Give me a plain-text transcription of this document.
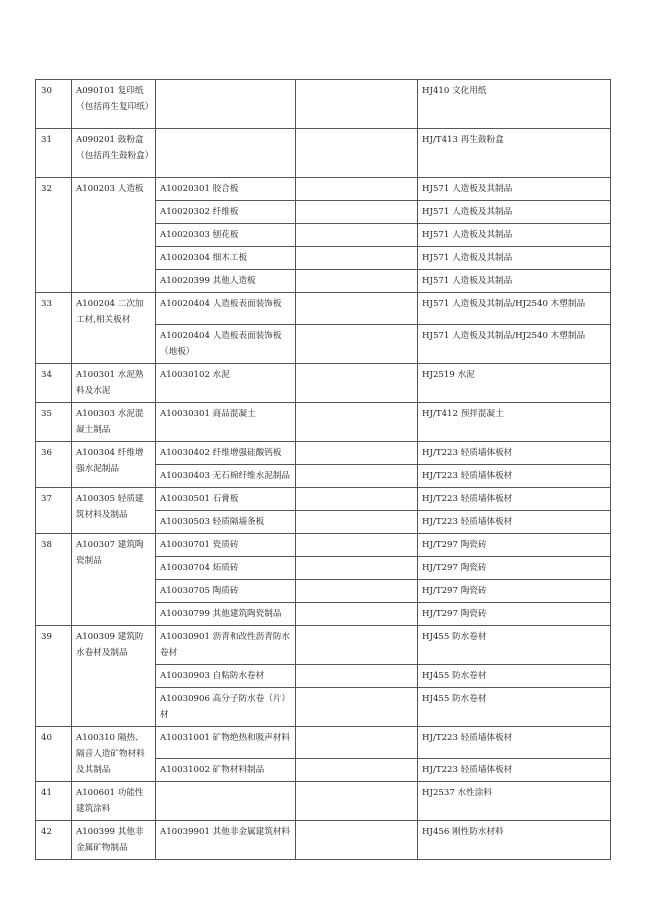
30	A090101 复印纸（包括再生复印纸）			HJ410 文化用纸
31	A090201 鼓粉盒（包括再生鼓粉盒）			HJ/T413 再生鼓粉盒
32	A100203 人造板	A10020301 胶合板		HJ571 人造板及其制品
		A10020302 纤维板		HJ571 人造板及其制品
		A10020303 刨花板		HJ571 人造板及其制品
		A10020304 细木工板		HJ571 人造板及其制品
		A10020399 其他人造板		HJ571 人造板及其制品
33	A100204 二次加工材,相关板材	A10020404 人造板表面装饰板		HJ571 人造板及其制品/HJ2540 木塑制品
		A10020404 人造板表面装饰板（地板）		HJ571 人造板及其制品/HJ2540 木塑制品
34	A100301 水泥熟料及水泥	A10030102 水泥		HJ2519 水泥
35	A100303 水泥混凝土制品	A10030301 商品混凝土		HJ/T412 预拌混凝土
36	A100304 纤维增强水泥制品	A10030402 纤维增强硅酸钙板		HJ/T223 轻质墙体板材
		A10030403 无石棉纤维水泥制品		HJ/T223 轻质墙体板材
37	A100305 轻质建筑材料及制品	A10030501 石膏板		HJ/T223 轻质墙体板材
		A10030503 轻质隔墙条板		HJ/T223 轻质墙体板材
38	A100307 建筑陶瓷制品	A10030701 瓷质砖		HJ/T297 陶瓷砖
		A10030704 炻质砖		HJ/T297 陶瓷砖
		A10030705 陶质砖		HJ/T297 陶瓷砖
		A10030799 其他建筑陶瓷制品		HJ/T297 陶瓷砖
39	A100309 建筑防水卷材及制品	A10030901 沥青和改性沥青防水卷材		HJ455 防水卷材
		A10030903 自粘防水卷材		HJ455 防水卷材
		A10030906 高分子防水卷（片）材		HJ455 防水卷材
40	A100310 隔热、隔音人造矿物材料及其制品	A10031001 矿物绝热和吸声材料		HJ/T223 轻质墙体板材
		A10031002 矿物材料制品		HJ/T223 轻质墙体板材
41	A100601 功能性建筑涂料			HJ2537 水性涂料
42	A100399 其他非金属矿物制品	A10039901 其他非金属建筑材料		HJ456 刚性防水材料
